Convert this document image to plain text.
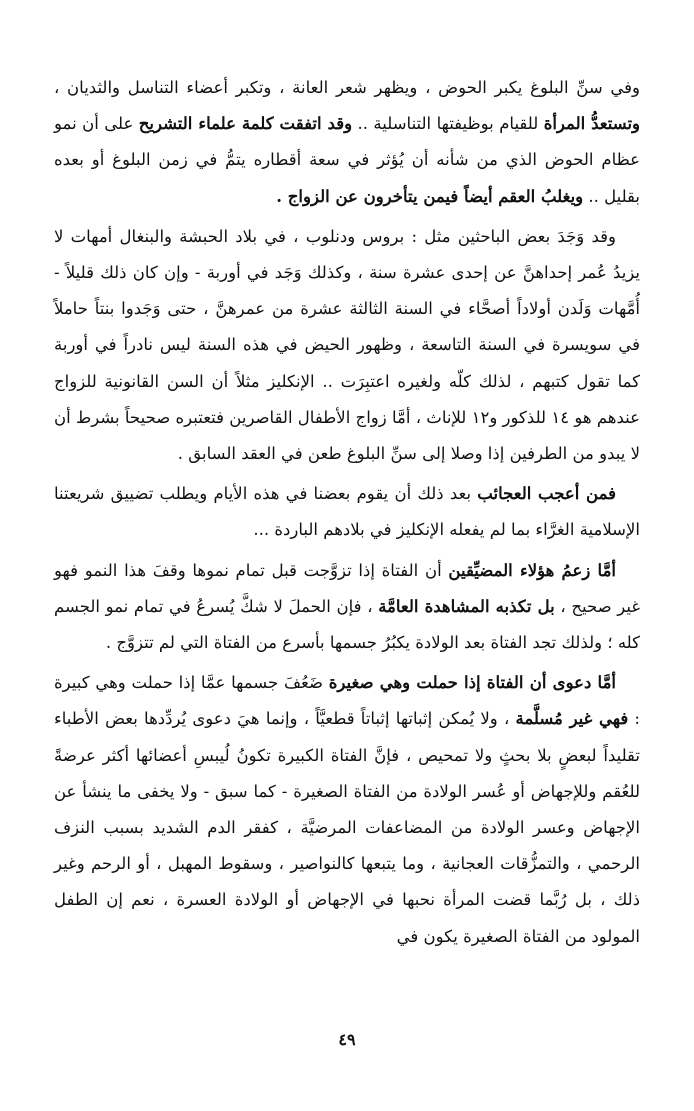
وفي سنِّ البلوغ يكبر الحوض ، ويظهر شعر العانة ، وتكبر أعضاء التناسل والثديان ، وتستعدُّ المرأة للقيام بوظيفتها التناسلية .. وقد اتفقت كلمة علماء التشريح على أن نمو عظام الحوض الذي من شأنه أن يُؤثر في سعة أقطاره يتمُّ في زمن البلوغ أو بعده بقليل .. ويغلبُ العقم أيضاً فيمن يتأخرون عن الزواج .

وقد وَجَدَ بعض الباحثين مثل : بروس ودنلوب ، في بلاد الحبشة والبنغال أمهات لا يزيدُ عُمر إحداهنَّ عن إحدى عشرة سنة ، وكذلك وَجَد في أوربة - وإن كان ذلك قليلاً - أُمَّهات وَلَدن أولاداً أصحَّاء في السنة الثالثة عشرة من عمرهنَّ ، حتى وَجَدوا بنتاً حاملاً في سويسرة في السنة التاسعة ، وظهور الحيض في هذه السنة ليس نادراً في أوربة كما تقول كتبهم ، لذلك كلّه ولغيره اعتبِرَت .. الإنكليز مثلاً أن السن القانونية للزواج عندهم هو ١٤ للذكور و١٢ للإناث ، أمَّا زواج الأطفال القاصرين فتعتبره صحيحاً بشرط أن لا يبدو من الطرفين إذا وصلا إلى سنِّ البلوغ طعن في العقد السابق .

فمن أعجب العجائب بعد ذلك أن يقوم بعضنا في هذه الأيام ويطلب تضييق شريعتنا الإسلامية الغرَّاء بما لم يفعله الإنكليز في بلادهم الباردة ...

أمَّا زعمُ هؤلاء المضيِّقين أن الفتاة إذا تزوَّجت قبل تمام نموها وقفَ هذا النمو فهو غير صحيح ، بل تكذبه المشاهدة العامَّة ، فإن الحملَ لا شكَّ يُسرعُ في تمام نمو الجسم كله ؛ ولذلك تجد الفتاة بعد الولادة يكبُرُ جسمها بأسرع من الفتاة التي لم تتزوَّج .

أمَّا دعوى أن الفتاة إذا حملت وهي صغيرة ضَعُفَ جسمها عمَّا إذا حملت وهي كبيرة : فهي غير مُسلَّمة ، ولا يُمكن إثباتها إثباتاً قطعيَّاً ، وإنما هيَ دعوى يُردِّدها بعض الأطباء تقليداً لبعضٍ بلا بحثٍ ولا تمحيص ، فإنَّ الفتاة الكبيرة تكونُ لُيبسِ أعضائها أكثر عرضةً للعُقم وللإجهاض أو عُسر الولادة من الفتاة الصغيرة - كما سبق - ولا يخفى ما ينشأ عن الإجهاض وعسر الولادة من المضاعفات المرضيَّة ، كفقر الدم الشديد بسبب النزف الرحمي ، والتمزُّقات العجانية ، وما يتبعها كالنواصير ، وسقوط المهبل ، أو الرحم وغير ذلك ، بل رُبَّما قضت المرأة نحبها في الإجهاض أو الولادة العسرة ، نعم إن الطفل المولود من الفتاة الصغيرة يكون في

٤٩
